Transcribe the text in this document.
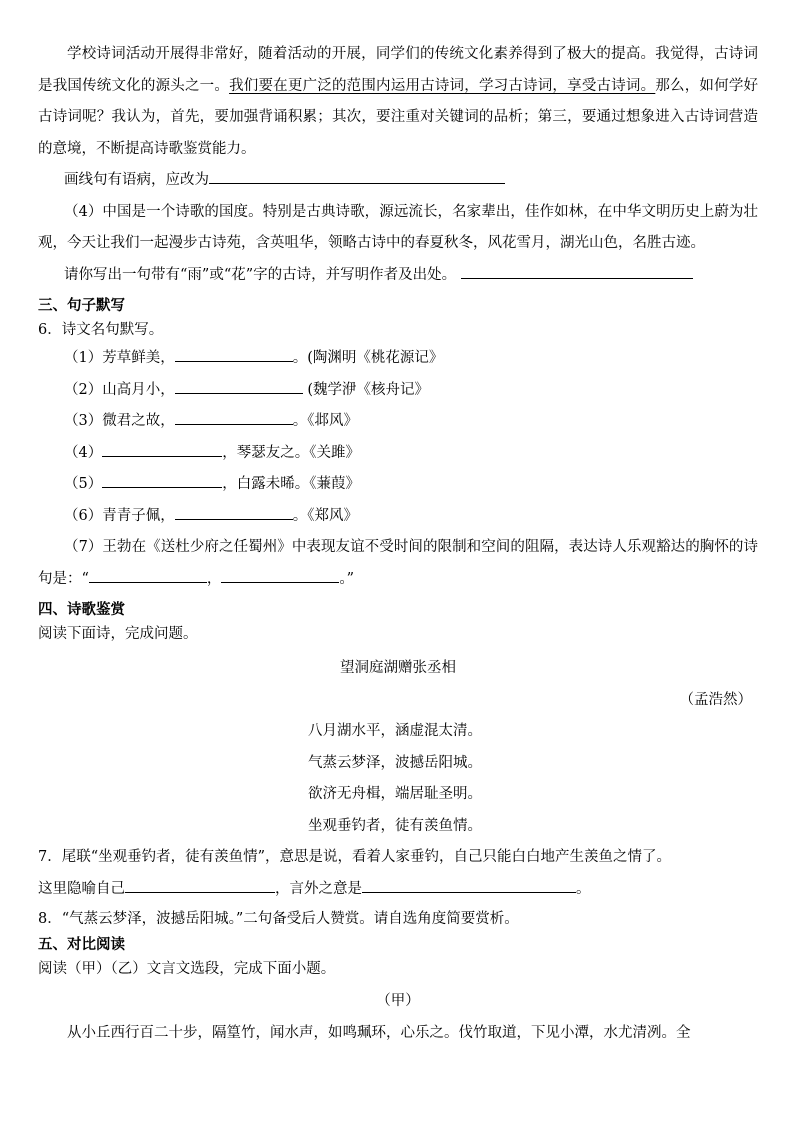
学校诗词活动开展得非常好，随着活动的开展，同学们的传统文化素养得到了极大的提高。我觉得，古诗词是我国传统文化的源头之一。我们要在更广泛的范围内运用古诗词，学习古诗词，享受古诗词。那么，如何学好古诗词呢？我认为，首先，要加强背诵积累；其次，要注重对关键词的品析；第三，要通过想象进入古诗词营造的意境，不断提高诗歌鉴赏能力。

画线句有语病，应改为

（4）中国是一个诗歌的国度。特别是古典诗歌，源远流长，名家辈出，佳作如林，在中华文明历史上蔚为壮观，今天让我们一起漫步古诗苑，含英咀华，领略古诗中的春夏秋冬，风花雪月，湖光山色，名胜古迹。

请你写出一句带有“雨”或“花”字的古诗，并写明作者及出处。

三、句子默写

6．诗文名句默写。

（1）芳草鲜美，	。(陶渊明《桃花源记》

（2）山高月小，	(魏学洢《核舟记》

（3）微君之故，	。《邶风》

（4）	，琴瑟友之。《关雎》

（5）	，白露未晞。《蒹葭》

（6）青青子佩，	。《郑风》

（7）王勃在《送杜少府之任蜀州》中表现友谊不受时间的限制和空间的阻隔，表达诗人乐观豁达的胸怀的诗句是：“	，	。”

四、诗歌鉴赏

阅读下面诗，完成问题。

望洞庭湖赠张丞相

（孟浩然）

八月湖水平，涵虚混太清。

气蒸云梦泽，波撼岳阳城。

欲济无舟楫，端居耻圣明。

坐观垂钓者，徒有羡鱼情。

7．尾联“坐观垂钓者，徒有羡鱼情”，意思是说，看着人家垂钓，自己只能白白地产生羡鱼之情了。

这里隐喻自己	，言外之意是	。

8．“气蒸云梦泽，波撼岳阳城。”二句备受后人赞赏。请自选角度简要赏析。

五、对比阅读

阅读（甲）（乙）文言文选段，完成下面小题。

（甲）

从小丘西行百二十步，隔篁竹，闻水声，如鸣珮环，心乐之。伐竹取道，下见小潭，水尤清冽。全
